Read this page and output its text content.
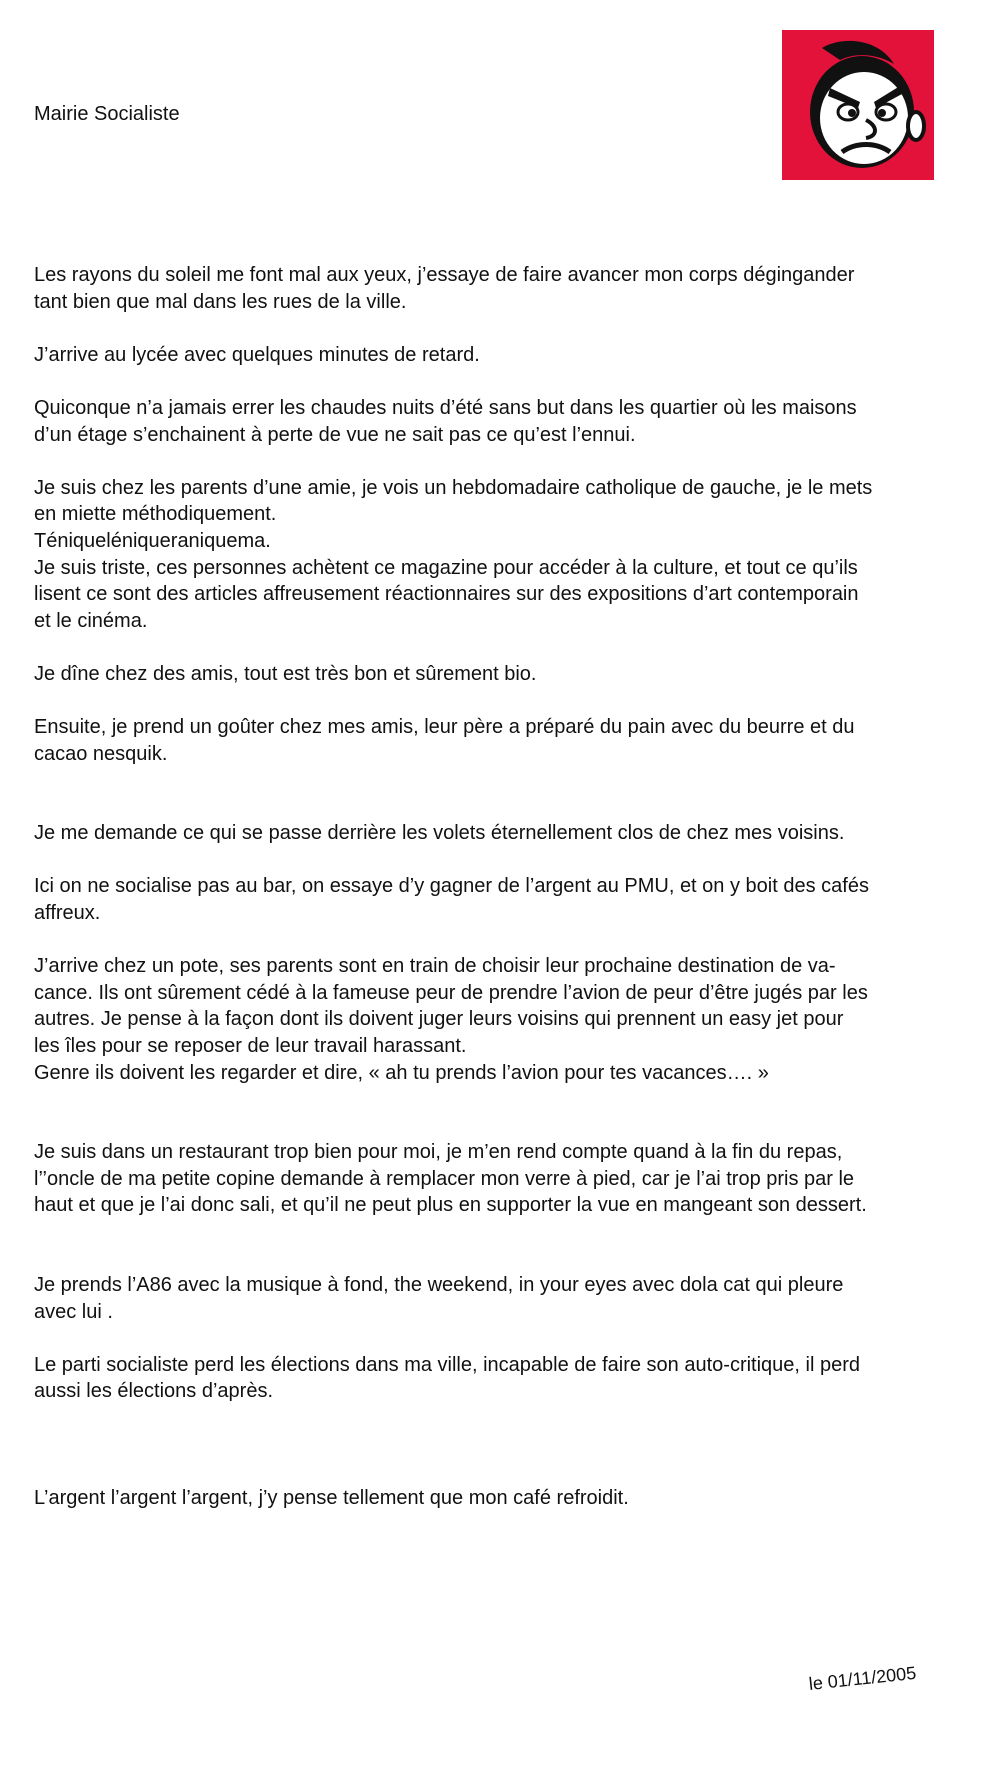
Mairie Socialiste

Les rayons du soleil me font mal aux yeux, j’essaye de faire avancer mon corps dégingander
tant bien que mal dans les rues de la ville.

J’arrive au lycée avec quelques minutes de retard.

Quiconque n’a jamais errer les chaudes nuits d’été sans but dans les quartier où les maisons
d’un étage s’enchainent à perte de vue ne sait pas ce qu’est l’ennui.

Je suis chez les parents d’une amie, je vois un hebdomadaire catholique de gauche, je le mets
en miette méthodiquement.
Téniqueléniqueraniquema.
Je suis triste, ces personnes achètent ce magazine pour accéder à la culture, et tout ce qu’ils
lisent ce sont des articles affreusement réactionnaires sur des expositions d’art contemporain
et le cinéma.

Je dîne chez des amis, tout est très bon et sûrement bio.

Ensuite, je prend un goûter chez mes amis, leur père a préparé du pain avec du beurre et du
cacao nesquik.

Je me demande ce qui se passe derrière les volets éternellement clos de chez mes voisins.

Ici on ne socialise pas au bar, on essaye d’y gagner de l’argent au PMU, et on y boit des cafés
affreux.

J’arrive chez un pote, ses parents sont en train de choisir leur prochaine destination de va-
cance. Ils ont sûrement cédé à la fameuse peur de prendre l’avion de peur d’être jugés par les
autres. Je pense à la façon dont ils doivent juger leurs voisins qui prennent un easy jet pour
les îles pour se reposer de leur travail harassant.
Genre ils doivent les regarder et dire, « ah tu prends l’avion pour tes vacances…. »

Je suis dans un restaurant trop bien pour moi, je m’en rend compte quand à la fin du repas,
l’’oncle de ma petite copine demande à remplacer mon verre à pied, car je l’ai trop pris par le
haut et que je l’ai donc sali, et qu’il ne peut plus en supporter la vue en mangeant son dessert.

Je prends l’A86 avec la musique à fond, the weekend, in your eyes avec dola cat qui pleure
avec lui .

Le parti socialiste perd les élections dans ma ville, incapable de faire son auto-critique, il perd
aussi les élections d’après.

L’argent l’argent l’argent, j’y pense tellement que mon café refroidit.

le 01/11/2005
